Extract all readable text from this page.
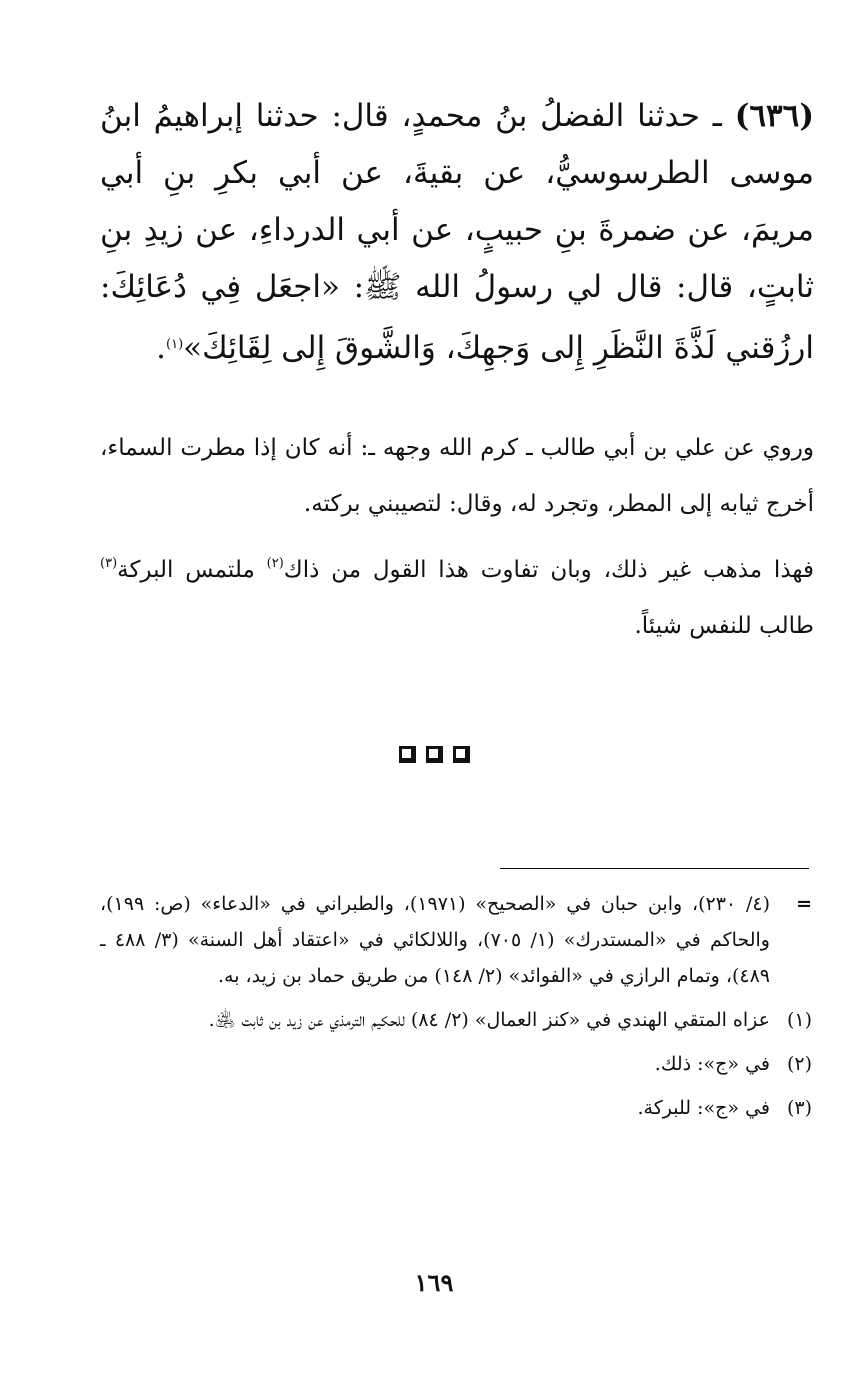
(٦٣٦) ـ حدثنا الفضلُ بنُ محمدٍ، قال: حدثنا إبراهيمُ ابنُ موسى الطرسوسيُّ، عن بقيةَ، عن أبي بكرِ بنِ أبي مريمَ، عن ضمرةَ بنِ حبيبٍ، عن أبي الدرداءِ، عن زيدِ بنِ ثابتٍ، قال: قال لي رسولُ الله ﷺ: «اجعَل فِي دُعَائِكَ: ارزُقني لَذَّةَ النَّظَرِ إِلى وَجهِكَ، وَالشَّوقَ إِلى لِقَائِكَ»$^{(١)}$.
وروي عن علي بن أبي طالب ـ كرم الله وجهه ـ: أنه كان إذا مطرت السماء، أخرج ثيابه إلى المطر، وتجرد له، وقال: لتصيبني بركته.
فهذا مذهب غير ذلك، وبان تفاوت هذا القول من ذاك$^{(٢)}$ ملتمس البركة$^{(٣)}$ طالب للنفس شيئاً.
=
(٤/ ٢٣٠)، وابن حبان في «الصحيح» (١٩٧١)، والطبراني في «الدعاء» (ص: ١٩٩)، والحاكم في «المستدرك» (١/ ٧٠٥)، واللالكائي في «اعتقاد أهل السنة» (٣/ ٤٨٨ ـ ٤٨٩)، وتمام الرازي في «الفوائد» (٢/ ١٤٨) من طريق حماد بن زيد، به.
(١)
عزاه المتقي الهندي في «كنز العمال» (٢/ ٨٤) للحكيم الترمذي عن زيد بن ثابت ﵁.
(٢)
في «ج»: ذلك.
(٣)
في «ج»: للبركة.
١٦٩
